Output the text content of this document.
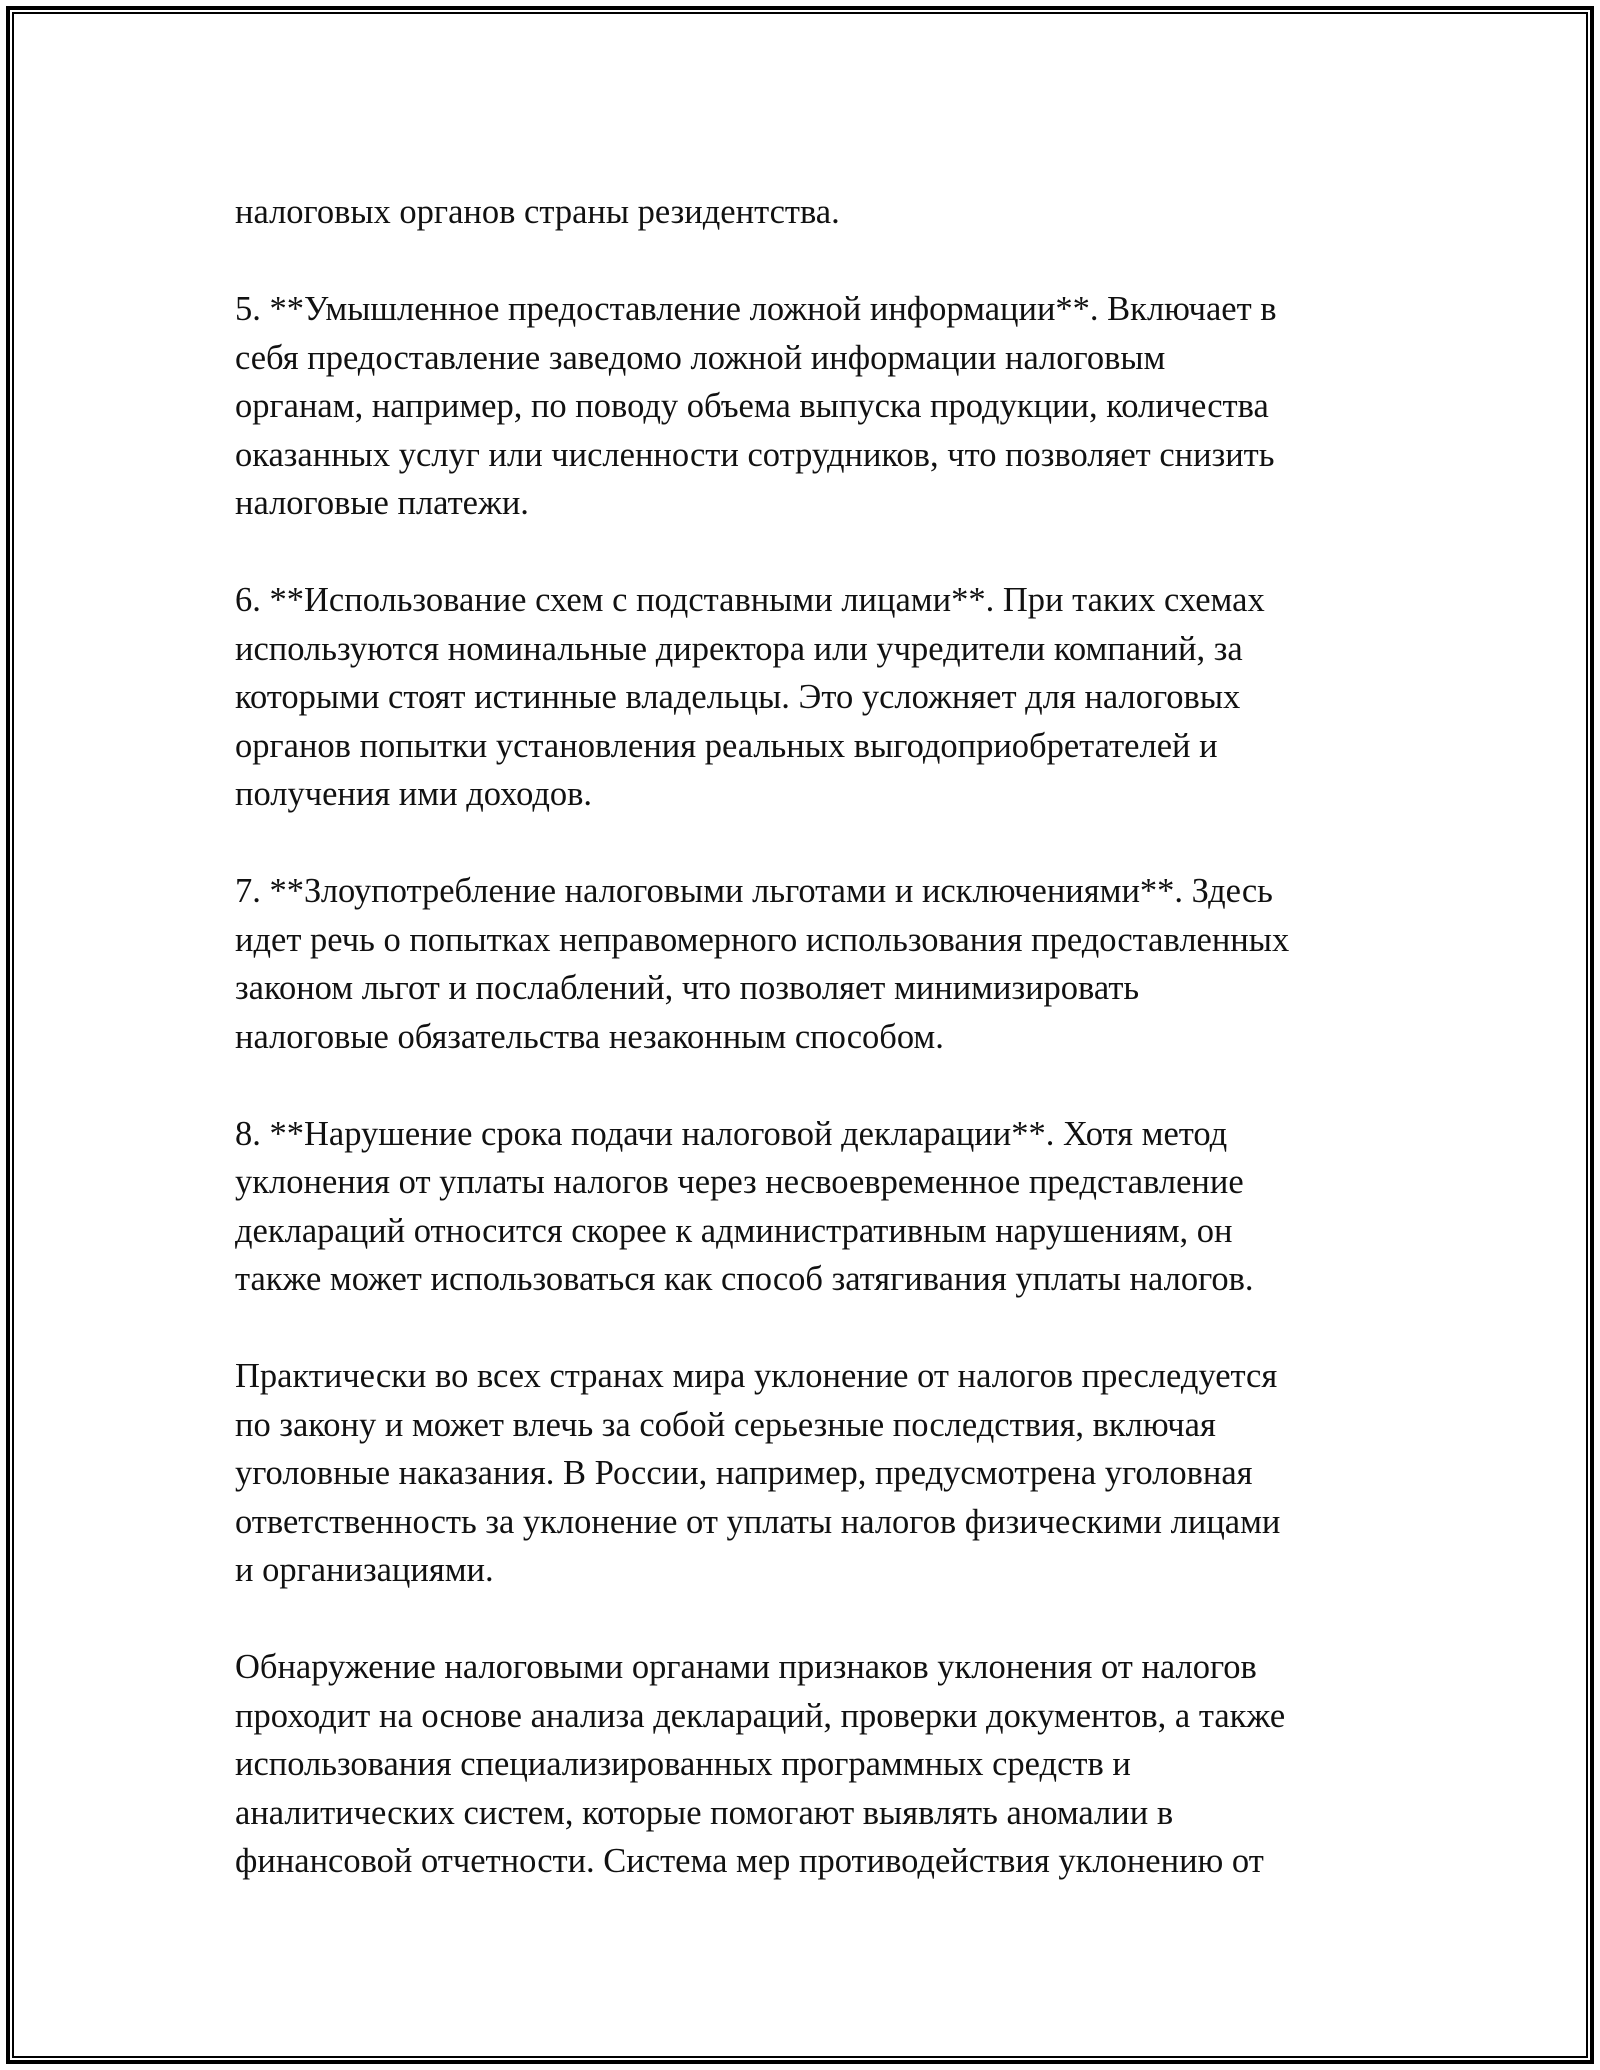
налоговых органов страны резидентства.

5. **Умышленное предоставление ложной информации**. Включает в
себя предоставление заведомо ложной информации налоговым
органам, например, по поводу объема выпуска продукции, количества
оказанных услуг или численности сотрудников, что позволяет снизить
налоговые платежи.

6. **Использование схем с подставными лицами**. При таких схемах
используются номинальные директора или учредители компаний, за
которыми стоят истинные владельцы. Это усложняет для налоговых
органов попытки установления реальных выгодоприобретателей и
получения ими доходов.

7. **Злоупотребление налоговыми льготами и исключениями**. Здесь
идет речь о попытках неправомерного использования предоставленных
законом льгот и послаблений, что позволяет минимизировать
налоговые обязательства незаконным способом.

8. **Нарушение срока подачи налоговой декларации**. Хотя метод
уклонения от уплаты налогов через несвоевременное представление
деклараций относится скорее к административным нарушениям, он
также может использоваться как способ затягивания уплаты налогов.

Практически во всех странах мира уклонение от налогов преследуется
по закону и может влечь за собой серьезные последствия, включая
уголовные наказания. В России, например, предусмотрена уголовная
ответственность за уклонение от уплаты налогов физическими лицами
и организациями.

Обнаружение налоговыми органами признаков уклонения от налогов
проходит на основе анализа деклараций, проверки документов, а также
использования специализированных программных средств и
аналитических систем, которые помогают выявлять аномалии в
финансовой отчетности. Система мер противодействия уклонению от
